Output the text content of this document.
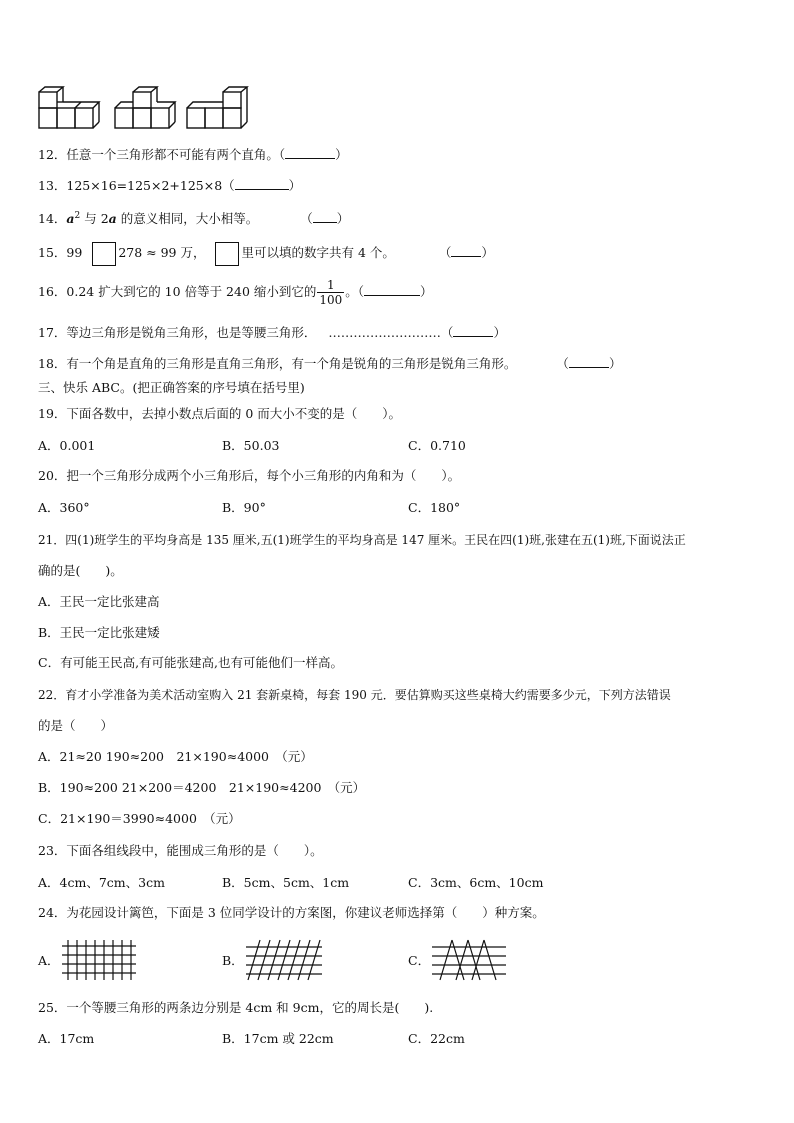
12．任意一个三角形都不可能有两个直角。（	）
13．125×16=125×2+125×8（	）
14．$a^2$ 与 2a 的意义相同，大小相等。	（ ）
15．99	278 ≈ 99 万，	里可以填的数字共有 4 个。	（ ）
16．0.24 扩大到它的 10 倍等于 240 缩小到它的 $\frac{1}{100}$ 。（	）
17．等边三角形是锐角三角形，也是等腰三角形． ………………………（	）
18．有一个角是直角的三角形是直角三角形，有一个角是锐角的三角形是锐角三角形。	（	）
三、快乐 ABC。(把正确答案的序号填在括号里)
19．下面各数中，去掉小数点后面的 0 而大小不变的是（　　）。
A．0.001	B．50.03	C．0.710
20．把一个三角形分成两个小三角形后，每个小三角形的内角和为（　　）。
A．360°	B．90°	C．180°
21．四(1)班学生的平均身高是 135 厘米,五(1)班学生的平均身高是 147 厘米。王民在四(1)班,张建在五(1)班,下面说法正
确的是(　　)。
A．王民一定比张建高
B．王民一定比张建矮
C．有可能王民高,有可能张建高,也有可能他们一样高。
22．育才小学准备为美术活动室购入 21 套新桌椅，每套 190 元．要估算购买这些桌椅大约需要多少元，下列方法错误
的是（　　）
A．21≈20 190≈200　21×190≈4000　（元）
B．190≈200 21×200＝4200　21×190≈4200　（元）
C．21×190＝3990≈4000　（元）
23．下面各组线段中，能围成三角形的是（　　）。
A．4cm、7cm、3cm	B．5cm、5cm、1cm	C．3cm、6cm、10cm
24．为花园设计篱笆，下面是 3 位同学设计的方案图，你建议老师选择第（　　）种方案。
A．	B．	C．
25．一个等腰三角形的两条边分别是 4cm 和 9cm，它的周长是(　　).
A．17cm	B．17cm 或 22cm	C．22cm
